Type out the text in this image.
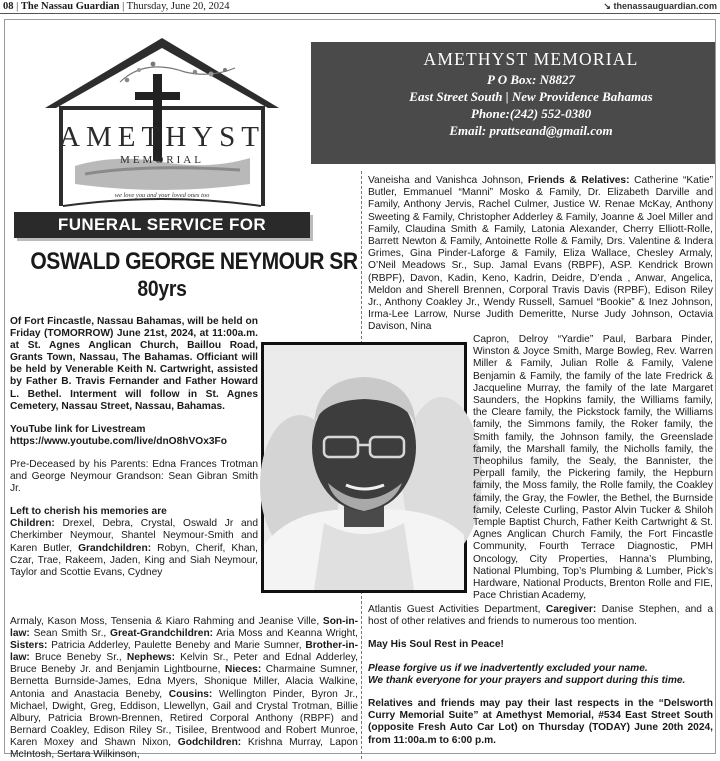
08 | The Nassau Guardian | Thursday, June 20, 2024	↘ thenassauguardian.com
AMETHYST
MEMORIAL
we love you and your loved ones too
AMETHYST MEMORIAL
P O Box: N8827
East Street South | New Providence Bahamas
Phone:(242) 552-0380
Email: prattseand@gmail.com
FUNERAL SERVICE FOR
OSWALD GEORGE NEYMOUR SR
80yrs

Of Fort Fincastle, Nassau Bahamas, will be held on Friday (TOMORROW) June 21st, 2024, at 11:00a.m. at St. Agnes Anglican Church, Baillou Road, Grants Town, Nassau, The Bahamas. Officiant will be held by Venerable Keith N. Cartwright, assisted by Father B. Travis Fernander and Father Howard L. Bethel. Interment will follow in St. Agnes Cemetery, Nassau Street, Nassau, Bahamas.

YouTube link for Livestream
https://www.youtube.com/live/dnO8hVOx3Fo

Pre-Deceased by his Parents: Edna Frances Trotman and George Neymour Grandson: Sean Gibran Smith Jr.

Left to cherish his memories are

Children: Drexel, Debra, Crystal, Oswald Jr and Cherkimber Neymour, Shantel Neymour-Smith and Karen Butler, Grandchildren: Robyn, Cherif, Khan, Czar, Trae, Rakeem, Jaden, King and Siah Neymour, Taylor and Scottie Evans, Cydney

Armaly, Kason Moss, Tensenia & Kiaro Rahming and Jeanise Ville, Son-in-law: Sean Smith Sr., Great-Grandchildren: Aria Moss and Keanna Wright, Sisters: Patricia Adderley, Paulette Beneby and Marie Sumner, Brother-in-law: Bruce Beneby Sr., Nephews: Kelvin Sr., Peter and Ednal Adderley, Bruce Beneby Jr. and Benjamin Lightbourne, Nieces: Charmaine Sumner, Bernetta Burnside-James, Edna Myers, Shonique Miller, Alacia Walkine, Antonia and Anastacia Beneby, Cousins: Wellington Pinder, Byron Jr., Michael, Dwight, Greg, Eddison, Llewellyn, Gail and Crystal Trotman, Billie Albury, Patricia Brown-Brennen, Retired Corporal Anthony (RBPF) and Bernard Coakley, Edison Riley Sr., Tisilee, Brentwood and Robert Munroe, Karen Moxey and Shawn Nixon, Godchildren: Krishna Murray, Lapon McIntosh, Sertara Wilkinson,
Vaneisha and Vanishca Johnson, Friends & Relatives: Catherine “Katie” Butler, Emmanuel “Manni” Mosko & Family, Dr. Elizabeth Darville and Family, Anthony Jervis, Rachel Culmer, Justice W. Renae McKay, Anthony Sweeting & Family, Christopher Adderley & Family, Joanne & Joel Miller and Family, Claudina Smith & Family, Latonia Alexander, Cherry Elliott-Rolle, Barrett Newton & Family, Antoinette Rolle & Family, Drs. Valentine & Indera Grimes, Gina Pinder-Laforge & Family, Eliza Wallace, Chesley Armaly, O’Neil Meadows Sr., Sup. Jamal Evans (RBPF), ASP. Kendrick Brown (RBPF), Davon, Kadin, Keno, Kadrin, Deidre, D’enda , Anwar, Angelica, Meldon and Sherell Brennen, Corporal Travis Davis (RPBF), Edison Riley Jr., Anthony Coakley Jr., Wendy Russell, Samuel “Bookie” & Inez Johnson, Irma-Lee Larrow, Nurse Judith Demeritte, Nurse Judy Johnson, Octavia Davison, Nina
Capron, Delroy “Yardie” Paul, Barbara Pinder, Winston & Joyce Smith, Marge Bowleg, Rev. Warren Miller & Family, Julian Rolle & Family, Valene Benjamin & Family, the family of the late Fredrick & Jacqueline Murray, the family of the late Margaret Saunders, the Hopkins family, the Williams family, the Cleare family, the Pickstock family, the Williams family, the Simmons family, the Roker family, the Smith family, the Johnson family, the Greenslade family, the Marshall family, the Nicholls family, the Theophilus family, the Sealy, the Bannister, the Perpall family, the Pickering family, the Hepburn family, the Moss family, the Rolle family, the Coakley family, the Gray, the Fowler, the Bethel, the Burnside family, Celeste Curling, Pastor Alvin Tucker & Shiloh Temple Baptist Church, Father Keith Cartwright & St. Agnes Anglican Church Family, the Fort Fincastle Community, Fourth Terrace Diagnostic, PMH Oncology, City Properties, Hanna’s Plumbing, National Plumbing, Top’s Plumbing & Lumber, Pick’s Hardware, National Products, Brenton Rolle and FIE, Pace Christian Academy,

Atlantis Guest Activities Department, Caregiver: Danise Stephen, and a host of other relatives and friends to numerous too mention.

May His Soul Rest in Peace!

Please forgive us if we inadvertently excluded your name.

We thank everyone for your prayers and support during this time.

Relatives and friends may pay their last respects in the “Delsworth Curry Memorial Suite” at Amethyst Memorial, #534 East Street South (opposite Fresh Auto Car Lot) on Thursday (TODAY) June 20th 2024, from 11:00a.m to 6:00 p.m.
